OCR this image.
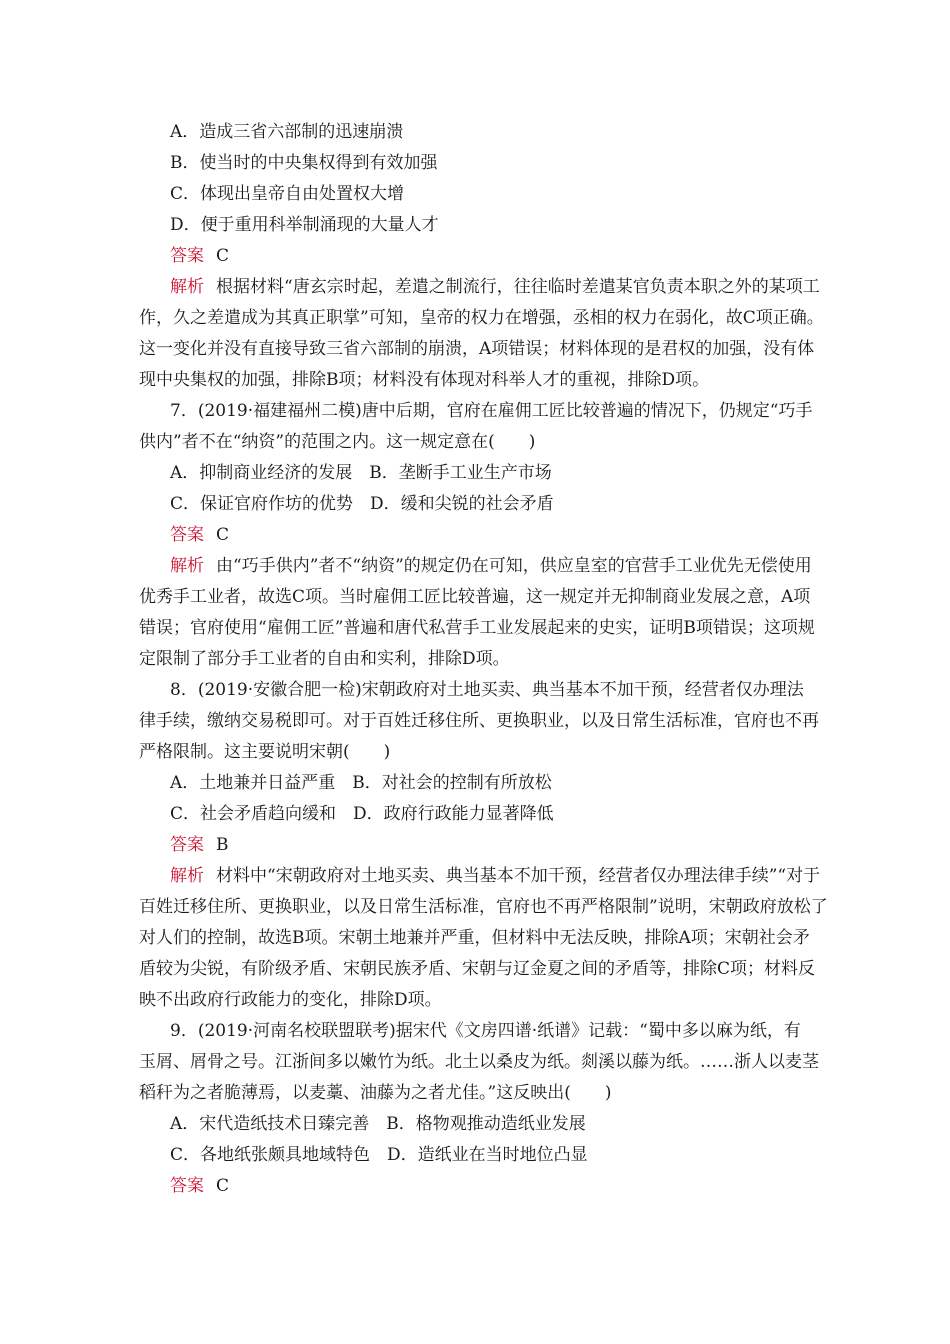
A．造成三省六部制的迅速崩溃
B．使当时的中央集权得到有效加强
C．体现出皇帝自由处置权大增
D．便于重用科举制涌现的大量人才
答案 C
解析 根据材料“唐玄宗时起，差遣之制流行，往往临时差遣某官负责本职之外的某项工
作，久之差遣成为其真正职掌”可知，皇帝的权力在增强，丞相的权力在弱化，故C项正确。
这一变化并没有直接导致三省六部制的崩溃，A项错误；材料体现的是君权的加强，没有体
现中央集权的加强，排除B项；材料没有体现对科举人才的重视，排除D项。
7．(2019·福建福州二模)唐中后期，官府在雇佣工匠比较普遍的情况下，仍规定“巧手
供内”者不在“纳资”的范围之内。这一规定意在(　　)
A．抑制商业经济的发展　B．垄断手工业生产市场
C．保证官府作坊的优势　D．缓和尖锐的社会矛盾
答案 C
解析 由“巧手供内”者不“纳资”的规定仍在可知，供应皇室的官营手工业优先无偿使用
优秀手工业者，故选C项。当时雇佣工匠比较普遍，这一规定并无抑制商业发展之意，A项
错误；官府使用“雇佣工匠”普遍和唐代私营手工业发展起来的史实，证明B项错误；这项规
定限制了部分手工业者的自由和实利，排除D项。
8．(2019·安徽合肥一检)宋朝政府对土地买卖、典当基本不加干预，经营者仅办理法
律手续，缴纳交易税即可。对于百姓迁移住所、更换职业，以及日常生活标准，官府也不再
严格限制。这主要说明宋朝(　　)
A．土地兼并日益严重　B．对社会的控制有所放松
C．社会矛盾趋向缓和　D．政府行政能力显著降低
答案 B
解析 材料中“宋朝政府对土地买卖、典当基本不加干预，经营者仅办理法律手续”“对于
百姓迁移住所、更换职业，以及日常生活标准，官府也不再严格限制”说明，宋朝政府放松了
对人们的控制，故选B项。宋朝土地兼并严重，但材料中无法反映，排除A项；宋朝社会矛
盾较为尖锐，有阶级矛盾、宋朝民族矛盾、宋朝与辽金夏之间的矛盾等，排除C项；材料反
映不出政府行政能力的变化，排除D项。
9．(2019·河南名校联盟联考)据宋代《文房四谱·纸谱》记载：“蜀中多以麻为纸，有
玉屑、屑骨之号。江浙间多以嫩竹为纸。北土以桑皮为纸。剡溪以藤为纸。……浙人以麦茎
稻秆为之者脆薄焉，以麦藁、油藤为之者尤佳。”这反映出(　　)
A．宋代造纸技术日臻完善　B．格物观推动造纸业发展
C．各地纸张颇具地域特色　D．造纸业在当时地位凸显
答案 C
